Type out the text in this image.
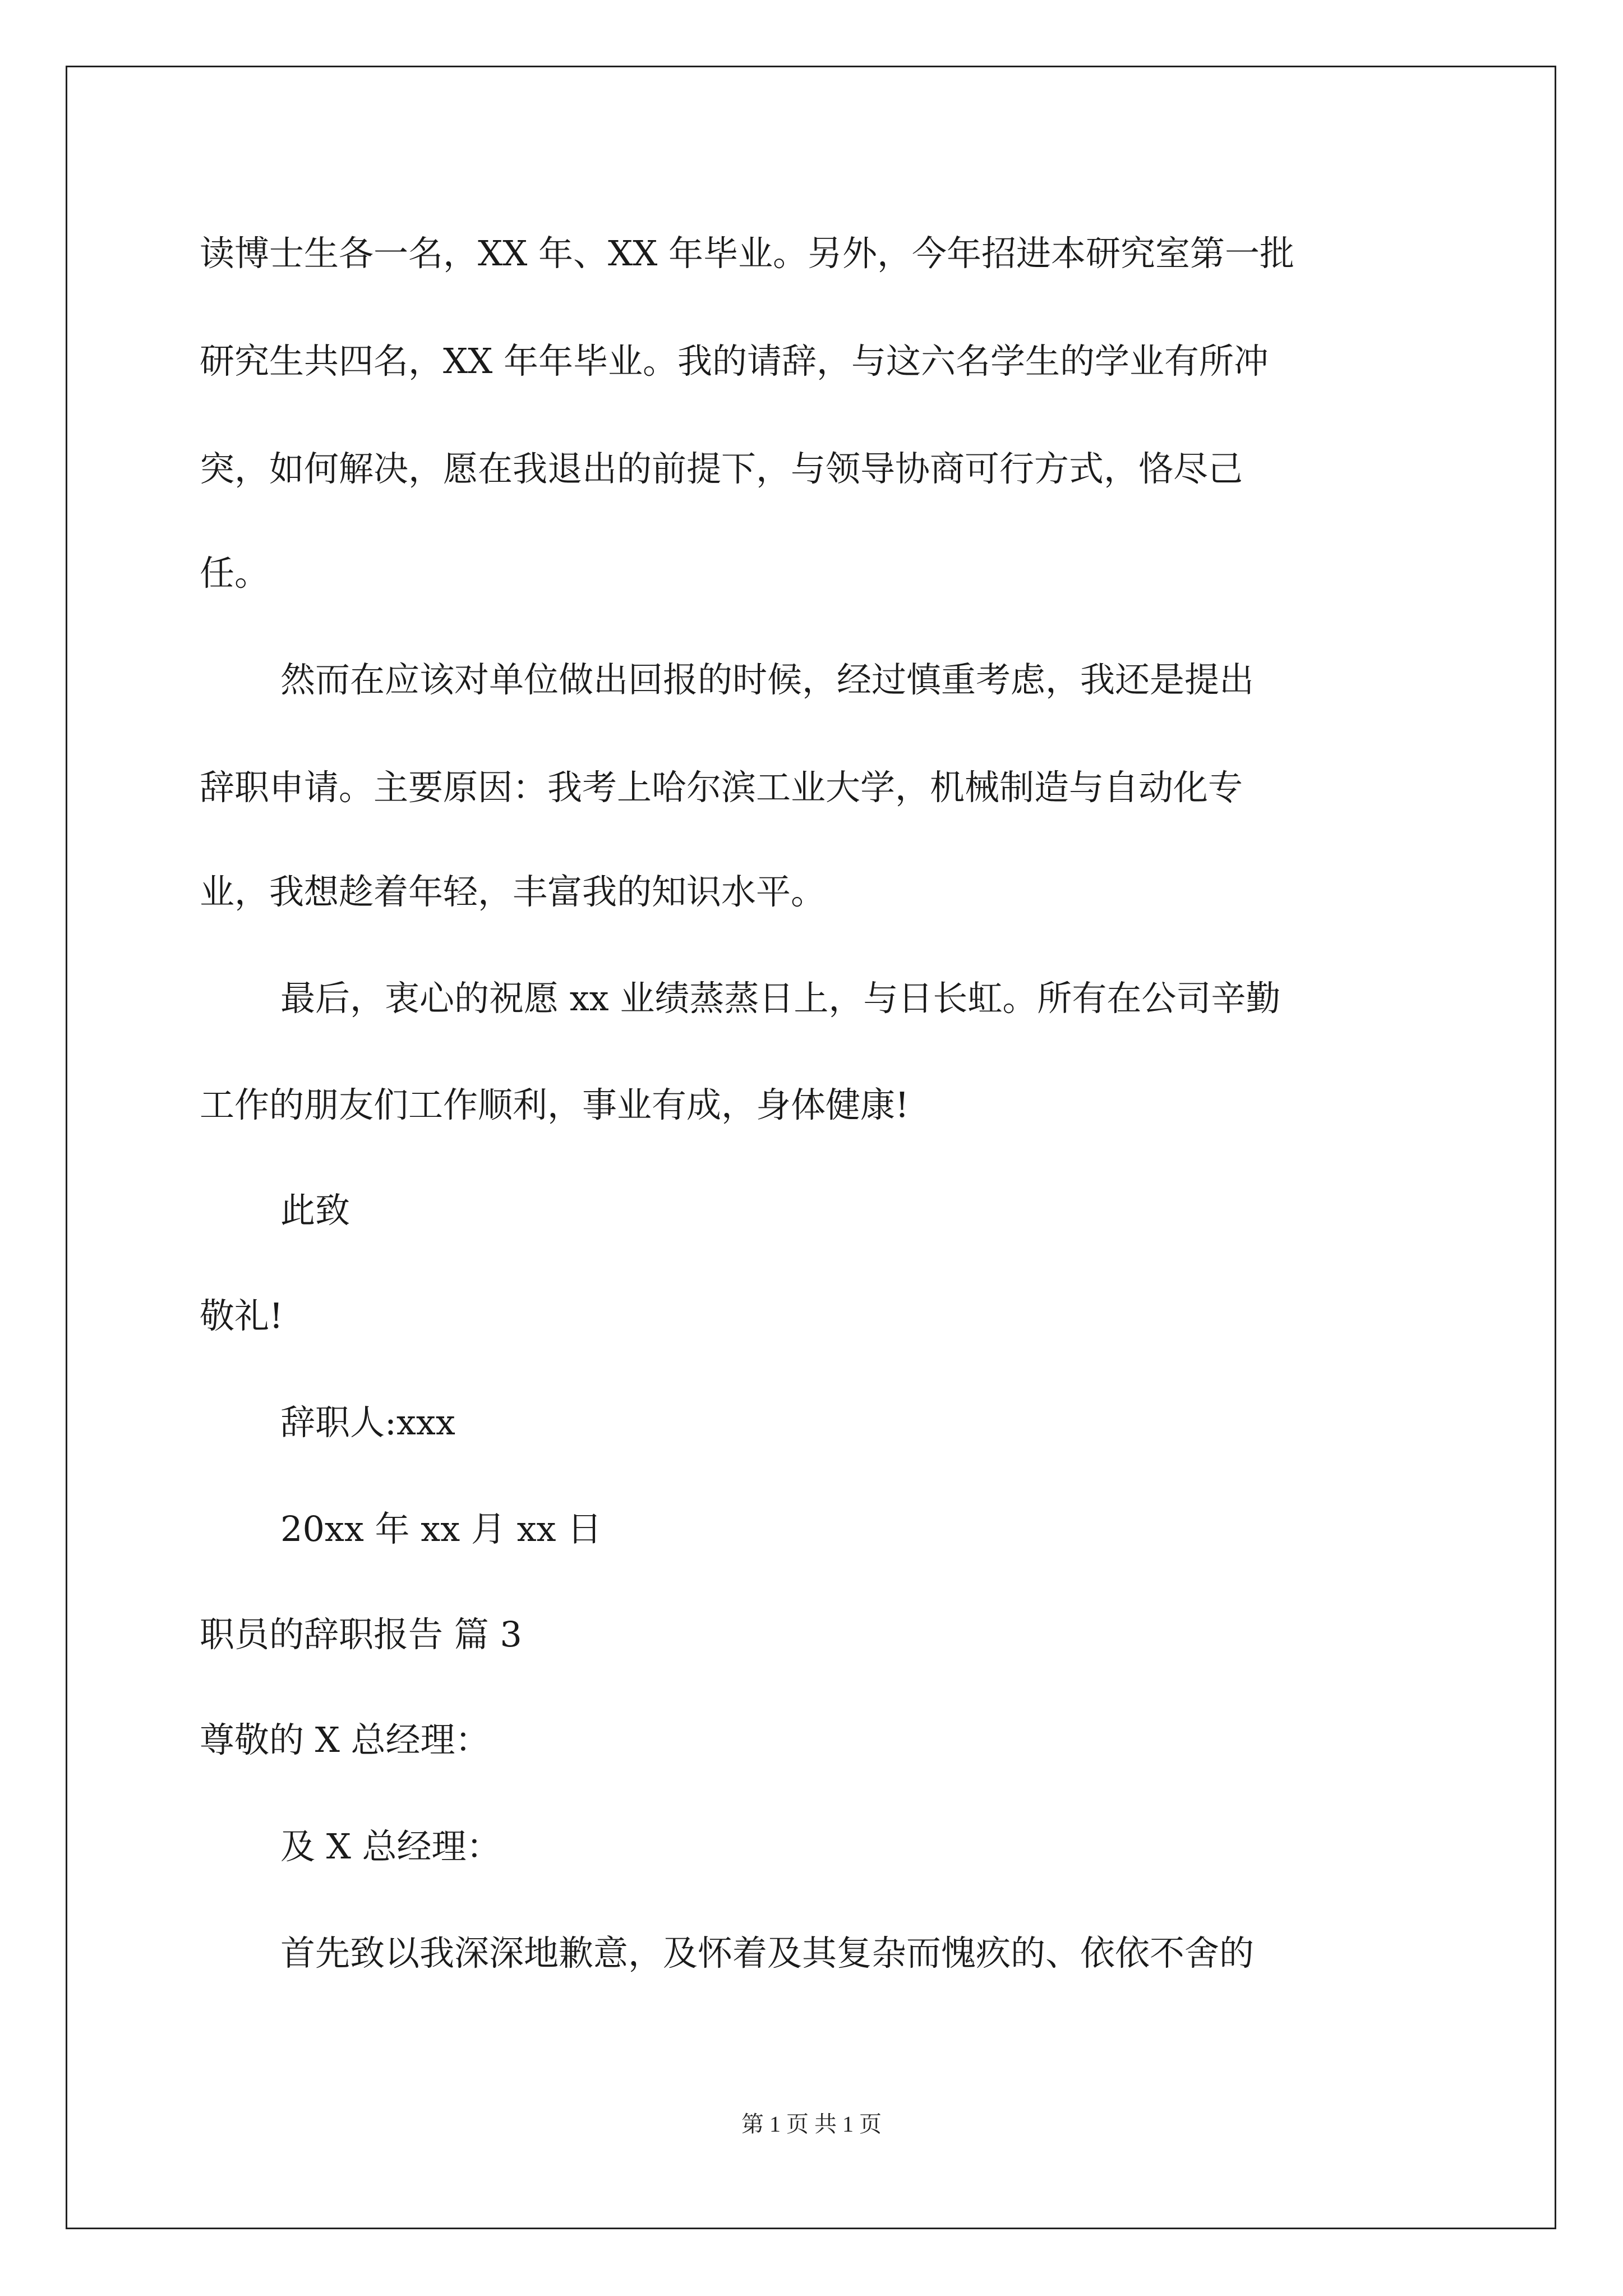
读博士生各一名，XX 年、XX 年毕业。另外，今年招进本研究室第一批
研究生共四名，XX 年年毕业。我的请辞，与这六名学生的学业有所冲
突，如何解决，愿在我退出的前提下，与领导协商可行方式，恪尽己
任。
然而在应该对单位做出回报的时候，经过慎重考虑，我还是提出
辞职申请。主要原因：我考上哈尔滨工业大学，机械制造与自动化专
业，我想趁着年轻，丰富我的知识水平。
最后，衷心的祝愿 xx 业绩蒸蒸日上，与日长虹。所有在公司辛勤
工作的朋友们工作顺利，事业有成，身体健康!
此致
敬礼!
辞职人:xxx
20xx 年 xx 月 xx 日
职员的辞职报告 篇 3
尊敬的 X 总经理：
及 X 总经理：
首先致以我深深地歉意，及怀着及其复杂而愧疚的、依依不舍的
第 1 页 共 1 页
